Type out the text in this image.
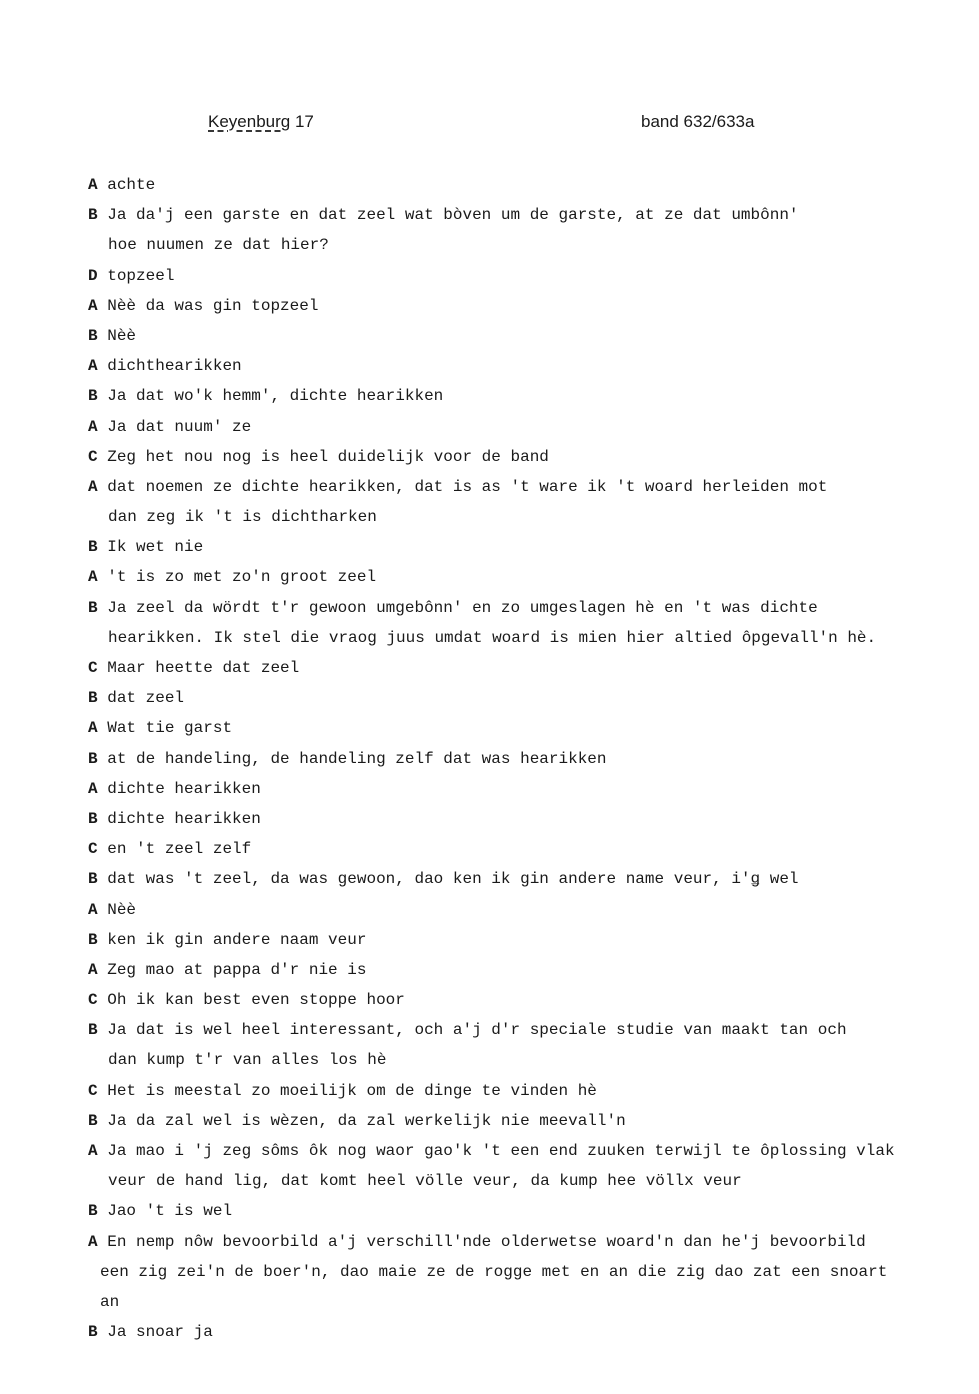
Keyenburg 17	band 632/633a
A achte
B Ja da'j een garste en dat zeel wat bòven um de garste, at ze dat umbônn'
hoe nuumen ze dat hier?
D topzeel
A Nèè da was gin topzeel
B Nèè
A dichthearikken
B Ja dat wo'k hemm', dichte hearikken
A Ja dat nuum' ze
C Zeg het nou nog is heel duidelijk voor de band
A dat noemen ze dichte hearikken, dat is as 't ware ik 't woard herleiden mot
dan zeg ik 't is dichtharken
B Ik wet nie
A 't is zo met zo'n groot zeel
B Ja zeel da wördt t'r gewoon umgebônn' en zo umgeslagen hè en 't was dichte
hearikken. Ik stel die vraog juus umdat woard is mien hier altied ôpgevall'n hè.
C Maar heette dat zeel
B dat zeel
A Wat tie garst
B at de handeling, de handeling zelf dat was hearikken
A dichte hearikken
B dichte hearikken
C en 't zeel zelf
B dat was 't zeel, da was gewoon, dao ken ik gin andere name veur, i'ǥ wel
A Nèè
B ken ik gin andere naam veur
A Zeg mao at pappa d'r nie is
C Oh ik kan best even stoppe hoor
B Ja dat is wel heel interessant, och a'j d'r speciale studie van maakt tan och
dan kump t'r van alles los hè
C Het is meestal zo moeilijk om de dinge te vinden hè
B Ja da zal wel is wèzen, da zal werkelijk nie meevall'n
A Ja mao i 'j zeg sôms ôk nog waor gao'k 't een end zuuken terwijl te ôplossing vlak
veur de hand lig, dat komt heel völle veur, da kump hee völlx veur
B Jao 't is wel
A En nemp nôw bevoorbild a'j verschill'nde olderwetse woard'n dan he'j bevoorbild
een zig zei'n de boer'n, dao maie ze de rogge met en an die zig dao zat een snoart
an
B Ja snoar ja
